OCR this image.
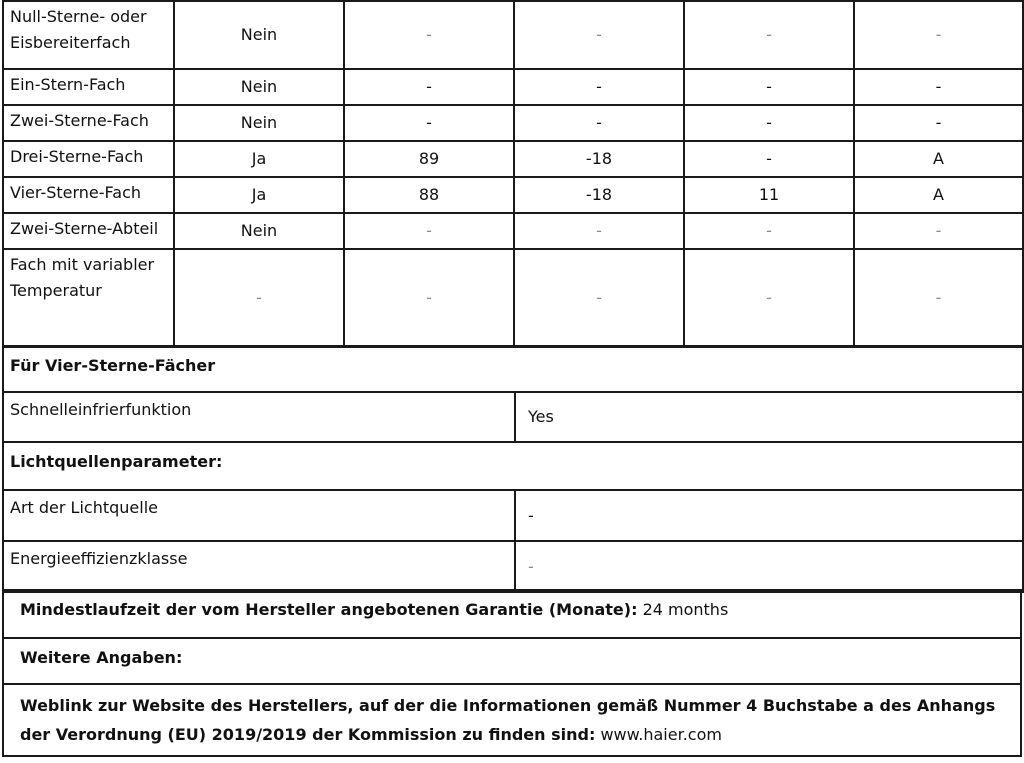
Null-Sterne- oder Eisbereiterfach	Nein	-	-	-	-
Ein-Stern-Fach	Nein	-	-	-	-
Zwei-Sterne-Fach	Nein	-	-	-	-
Drei-Sterne-Fach	Ja	89	-18	-	A
Vier-Sterne-Fach	Ja	88	-18	11	A
Zwei-Sterne-Abteil	Nein	-	-	-	-
Fach mit variabler Temperatur	-	-	-	-	-
Für Vier-Sterne-Fächer
Schnelleinfrierfunktion	Yes
Lichtquellenparameter:	
Art der Lichtquelle	-
Energieeffizienzklasse	-
Mindestlaufzeit der vom Hersteller angebotenen Garantie (Monate): 24 months
Weitere Angaben:
Weblink zur Website des Herstellers, auf der die Informationen gemäß Nummer 4 Buchstabe a des Anhangs der Verordnung (EU) 2019/2019 der Kommission zu finden sind: www.haier.com
